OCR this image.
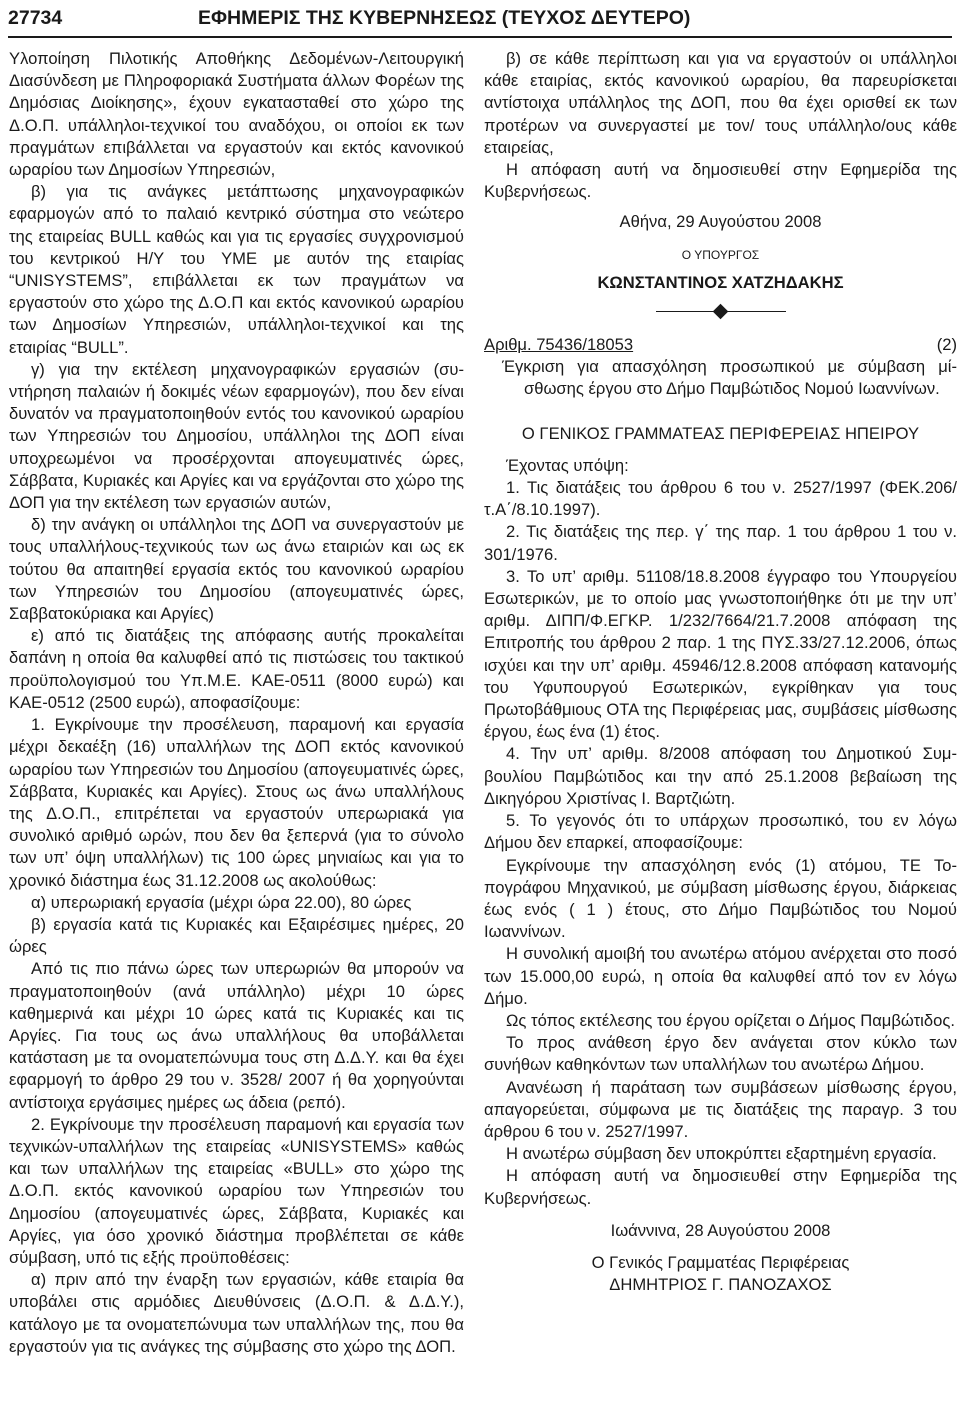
27734	ΕΦΗΜΕΡΙΣ ΤΗΣ ΚΥΒΕΡΝΗΣΕΩΣ (ΤΕΥΧΟΣ ΔΕΥΤΕΡΟ)

Υλοποίηση Πιλοτικής Αποθήκης Δεδομένων-Λειτουργική Διασύνδεση με Πληροφοριακά Συστήματα άλλων Φορέων της Δημόσιας Διοίκησης», έχουν εγκατασταθεί στο χώρο της Δ.Ο.Π. υπάλληλοι-τεχνικοί του αναδόχου, οι οποίοι εκ των πραγμάτων επιβάλλεται να εργαστούν και εκτός κανονικού ωραρίου των Δημοσίων Υπηρεσιών,

β) για τις ανάγκες μετάπτωσης μηχανογραφικών εφαρμογών από το παλαιό κεντρικό σύστημα στο νεώτερο της εταιρείας BULL καθώς και για τις εργασίες συγχρονισμού του κεντρικού Η/Υ του ΥΜΕ με αυτόν της εταιρίας “UNISYSTEMS”, επιβάλλεται εκ των πραγμάτων να εργαστούν στο χώρο της Δ.Ο.Π και εκτός κανονικού ωραρίου των Δημοσίων Υπηρεσιών, υπάλληλοι-τεχνικοί και της εταιρίας “BULL”.

γ) για την εκτέλεση μηχανογραφικών εργασιών (συντήρηση παλαιών ή δοκιμές νέων εφαρμογών), που δεν είναι δυνατόν να πραγματοποιηθούν εντός του κανονικού ωραρίου των Υπηρεσιών του Δημοσίου, υπάλληλοι της ΔΟΠ είναι υποχρεωμένοι να προσέρχονται απογευματινές ώρες, Σάββατα, Κυριακές και Αργίες και να εργάζονται στο χώρο της ΔΟΠ για την εκτέλεση των εργασιών αυτών,

δ) την ανάγκη οι υπάλληλοι της ΔΟΠ να συνεργαστούν με τους υπαλλήλους-τεχνικούς των ως άνω εταιριών και ως εκ τούτου θα απαιτηθεί εργασία εκτός του κανονικού ωραρίου των Υπηρεσιών του Δημοσίου (απογευματινές ώρες, Σαββατοκύριακα και Αργίες)

ε) από τις διατάξεις της απόφασης αυτής προκαλείται δαπάνη η οποία θα καλυφθεί από τις πιστώσεις του τακτικού προϋπολογισμού του Υπ.Μ.Ε. ΚΑΕ-0511 (8000 ευρώ) και ΚΑΕ-0512 (2500 ευρώ), αποφασίζουμε:

1. Εγκρίνουμε την προσέλευση, παραμονή και εργασία μέχρι δεκαέξη (16) υπαλλήλων της ΔΟΠ εκτός κανονικού ωραρίου των Υπηρεσιών του Δημοσίου (απογευματινές ώρες, Σάββατα, Κυριακές και Αργίες). Στους ως άνω υπαλλήλους της Δ.Ο.Π., επιτρέπεται να εργαστούν υπερωριακά για συνολικό αριθμό ωρών, που δεν θα ξεπερνά (για το σύνολο των υπ’ όψη υπαλλήλων) τις 100 ώρες μηνιαίως και για το χρονικό διάστημα έως 31.12.2008 ως ακολούθως:

α) υπερωριακή εργασία (μέχρι ώρα 22.00), 80 ώρες

β) εργασία κατά τις Κυριακές και Εξαιρέσιμες ημέρες, 20 ώρες

Από τις πιο πάνω ώρες των υπερωριών θα μπορούν να πραγματοποιηθούν (ανά υπάλληλο) μέχρι 10 ώρες καθημερινά και μέχρι 10 ώρες κατά τις Κυριακές και τις Αργίες. Για τους ως άνω υπαλλήλους θα υποβάλλεται κατάσταση με τα ονοματεπώνυμα τους στη Δ.Δ.Υ. και θα έχει εφαρμογή το άρθρο 29 του ν. 3528/ 2007 ή θα χορηγούνται αντίστοιχα εργάσιμες ημέρες ως άδεια (ρεπό).

2. Εγκρίνουμε την προσέλευση παραμονή και εργασία των τεχνικών-υπαλλήλων της εταιρείας «UNISYSTEMS» καθώς και των υπαλλήλων της εταιρείας «BULL» στο χώρο της Δ.Ο.Π. εκτός κανονικού ωραρίου των Υπηρεσιών του Δημοσίου (απογευματινές ώρες, Σάββατα, Κυριακές και Αργίες, για όσο χρονικό διάστημα προβλέπεται σε κάθε σύμβαση, υπό τις εξής προϋποθέσεις:

α) πριν από την έναρξη των εργασιών, κάθε εταιρία θα υποβάλει στις αρμόδιες Διευθύνσεις (Δ.Ο.Π. & Δ.Δ.Υ.), κατάλογο με τα ονοματεπώνυμα των υπαλλήλων της, που θα εργαστούν για τις ανάγκες της σύμβασης στο χώρο της ΔΟΠ.

β) σε κάθε περίπτωση και για να εργαστούν οι υπάλληλοι κάθε εταιρίας, εκτός κανονικού ωραρίου, θα παρευρίσκεται αντίστοιχα υπάλληλος της ΔΟΠ, που θα έχει ορισθεί εκ των προτέρων να συνεργαστεί με τον/ τους υπάλληλο/ους κάθε εταιρείας,

Η απόφαση αυτή να δημοσιευθεί στην Εφημερίδα της Κυβερνήσεως.

Αθήνα, 29 Αυγούστου 2008

Ο ΥΠΟΥΡΓΟΣ

ΚΩΝΣΤΑΝΤΙΝΟΣ ΧΑΤΖΗΔΑΚΗΣ

Αριθμ. 75436/18053	(2)

Έγκριση για απασχόληση προσωπικού με σύμβαση μίσθωσης έργου στο Δήμο Παμβώτιδος Νομού Ιωαννίνων.

Ο ΓΕΝΙΚΟΣ ΓΡΑΜΜΑΤΕΑΣ ΠΕΡΙΦΕΡΕΙΑΣ ΗΠΕΙΡΟΥ

Έχοντας υπόψη:

1. Τις διατάξεις του άρθρου 6 του ν. 2527/1997 (ΦΕΚ.206/ τ.Α΄/8.10.1997).

2. Τις διατάξεις της περ. γ΄ της παρ. 1 του άρθρου 1 του ν. 301/1976.

3. Το υπ’ αριθμ. 51108/18.8.2008 έγγραφο του Υπουργείου Εσωτερικών, με το οποίο μας γνωστοποιήθηκε ότι με την υπ’ αριθμ. ΔΙΠΠ/Φ.ΕΓΚΡ. 1/232/7664/21.7.2008 απόφαση της Επιτροπής του άρθρου 2 παρ. 1 της ΠΥΣ.33/27.12.2006, όπως ισχύει και την υπ’ αριθμ. 45946/12.8.2008 απόφαση κατανομής του Υφυπουργού Εσωτερικών, εγκρίθηκαν για τους Πρωτοβάθμιους ΟΤΑ της Περιφέρειας μας, συμβάσεις μίσθωσης έργου, έως ένα (1) έτος.

4. Την υπ’ αριθμ. 8/2008 απόφαση του Δημοτικού Συμβουλίου Παμβώτιδος και την από 25.1.2008 βεβαίωση της Δικηγόρου Χριστίνας Ι. Βαρτζιώτη.

5. Το γεγονός ότι το υπάρχων προσωπικό, του εν λόγω Δήμου δεν επαρκεί, αποφασίζουμε:

Εγκρίνουμε την απασχόληση ενός (1) ατόμου, ΤΕ Τοπογράφου Μηχανικού, με σύμβαση μίσθωσης έργου, διάρκειας έως ενός ( 1 ) έτους, στο Δήμο Παμβώτιδος του Νομού Ιωαννίνων.

Η συνολική αμοιβή του ανωτέρω ατόμου ανέρχεται στο ποσό των 15.000,00 ευρώ, η οποία θα καλυφθεί από τον εν λόγω Δήμο.

Ως τόπος εκτέλεσης του έργου ορίζεται ο Δήμος Παμβώτιδος.

Το προς ανάθεση έργο δεν ανάγεται στον κύκλο των συνήθων καθηκόντων των υπαλλήλων του ανωτέρω Δήμου.

Ανανέωση ή παράταση των συμβάσεων μίσθωσης έργου, απαγορεύεται, σύμφωνα με τις διατάξεις της παραγρ. 3 του άρθρου 6 του ν. 2527/1997.

Η ανωτέρω σύμβαση δεν υποκρύπτει εξαρτημένη εργασία.

Η απόφαση αυτή να δημοσιευθεί στην Εφημερίδα της Κυβερνήσεως.

Ιωάννινα, 28 Αυγούστου 2008

Ο Γενικός Γραμματέας Περιφέρειας

ΔΗΜΗΤΡΙΟΣ Γ. ΠΑΝΟΖΑΧΟΣ
